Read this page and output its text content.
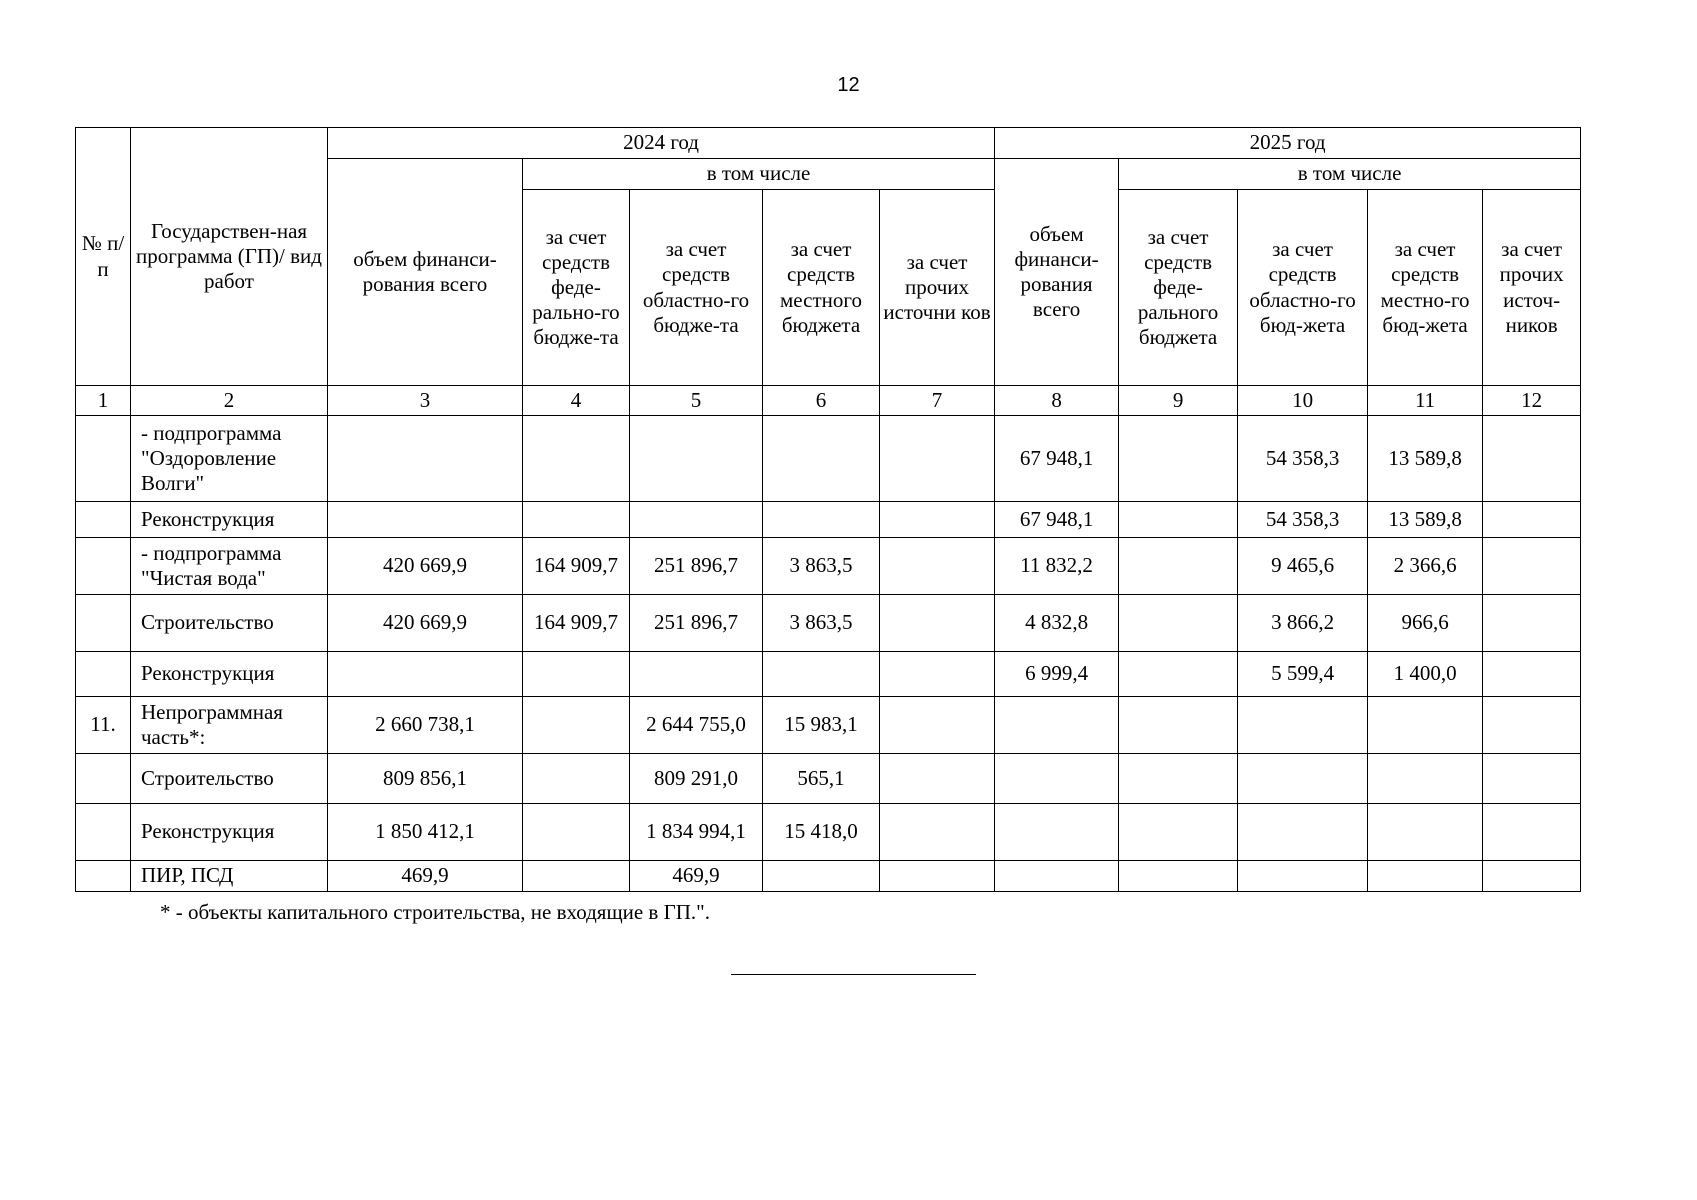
12
№ п/п	Государствен-ная программа (ГП)/ вид работ	2024 год					2025 год				
		объем финанси-рования всего	в том числе				объем финанси-рования всего	в том числе			
			за счет средств феде-рально-го бюдже-та	за счет средств областно-го бюдже-та	за счет средств местного бюджета	за счет прочих источни ков		за счет средств феде-рального бюджета	за счет средств областно-го бюд-жета	за счет средств местно-го бюд-жета	за счет прочих источ-ников
1	2	3	4	5	6	7	8	9	10	11	12
	- подпрограмма "Оздоровление Волги"						67 948,1		54 358,3	13 589,8	
	Реконструкция						67 948,1		54 358,3	13 589,8	
	- подпрограмма "Чистая вода"	420 669,9	164 909,7	251 896,7	3 863,5		11 832,2		9 465,6	2 366,6	
	Строительство	420 669,9	164 909,7	251 896,7	3 863,5		4 832,8		3 866,2	966,6	
	Реконструкция						6 999,4		5 599,4	1 400,0	
11.	Непрограммная часть*:	2 660 738,1		2 644 755,0	15 983,1						
	Строительство	809 856,1		809 291,0	565,1						
	Реконструкция	1 850 412,1		1 834 994,1	15 418,0						
	ПИР, ПСД	469,9		469,9							
* - объекты капитального строительства, не входящие в ГП.".
